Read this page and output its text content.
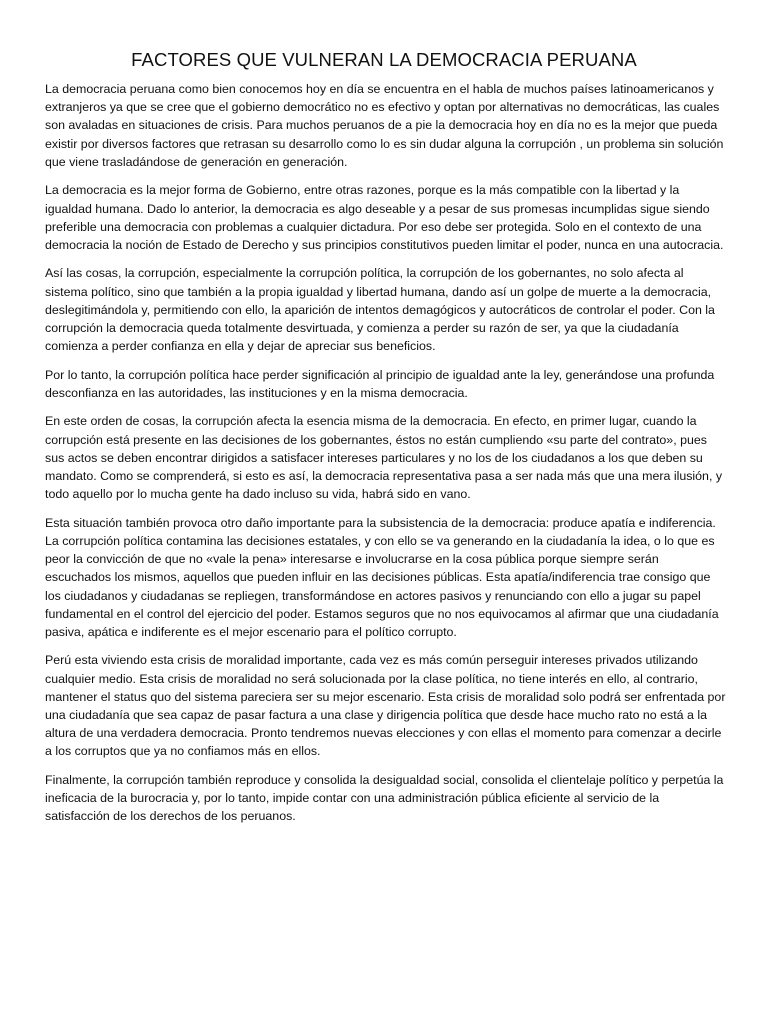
FACTORES QUE VULNERAN LA DEMOCRACIA PERUANA

La democracia peruana como bien conocemos hoy en día se encuentra en el habla de muchos países latinoamericanos y extranjeros ya que se cree que el gobierno democrático no es efectivo y optan por alternativas no democráticas, las cuales son avaladas en situaciones de crisis. Para muchos peruanos de a pie la democracia hoy en día no es la mejor que pueda existir por diversos factores que retrasan su desarrollo como lo es sin dudar alguna la corrupción , un problema sin solución que viene trasladándose de generación en generación.

La democracia es la mejor forma de Gobierno, entre otras razones, porque es la más compatible con la libertad y la igualdad humana. Dado lo anterior, la democracia es algo deseable y a pesar de sus promesas incumplidas sigue siendo preferible una democracia con problemas a cualquier dictadura. Por eso debe ser protegida. Solo en el contexto de una democracia la noción de Estado de Derecho y sus principios constitutivos pueden limitar el poder, nunca en una autocracia.

Así las cosas, la corrupción, especialmente la corrupción política, la corrupción de los gobernantes, no solo afecta al sistema político, sino que también a la propia igualdad y libertad humana, dando así un golpe de muerte a la democracia, deslegitimándola y, permitiendo con ello, la aparición de intentos demagógicos y autocráticos de controlar el poder. Con la corrupción la democracia queda totalmente desvirtuada, y comienza a perder su razón de ser, ya que la ciudadanía comienza a perder confianza en ella y dejar de apreciar sus beneficios.

Por lo tanto, la corrupción política hace perder significación al principio de igualdad ante la ley, generándose una profunda desconfianza en las autoridades, las instituciones y en la misma democracia.

En este orden de cosas, la corrupción afecta la esencia misma de la democracia. En efecto, en primer lugar, cuando la corrupción está presente en las decisiones de los gobernantes, éstos no están cumpliendo «su parte del contrato», pues sus actos se deben encontrar dirigidos a satisfacer intereses particulares y no los de los ciudadanos a los que deben su mandato. Como se comprenderá, si esto es así, la democracia representativa pasa a ser nada más que una mera ilusión, y todo aquello por lo mucha gente ha dado incluso su vida, habrá sido en vano.

Esta situación también provoca otro daño importante para la subsistencia de la democracia: produce apatía e indiferencia. La corrupción política contamina las decisiones estatales, y con ello se va generando en la ciudadanía la idea, o lo que es peor la convicción de que no «vale la pena» interesarse e involucrarse en la cosa pública porque siempre serán escuchados los mismos, aquellos que pueden influir en las decisiones públicas. Esta apatía/indiferencia trae consigo que los ciudadanos y ciudadanas se repliegen, transformándose en actores pasivos y renunciando con ello a jugar su papel fundamental en el control del ejercicio del poder. Estamos seguros que no nos equivocamos al afirmar que una ciudadanía pasiva, apática e indiferente es el mejor escenario para el político corrupto.

Perú esta viviendo esta crisis de moralidad importante, cada vez es más común perseguir intereses privados utilizando cualquier medio. Esta crisis de moralidad no será solucionada por la clase política, no tiene interés en ello, al contrario, mantener el status quo del sistema pareciera ser su mejor escenario. Esta crisis de moralidad solo podrá ser enfrentada por una ciudadanía que sea capaz de pasar factura a una clase y dirigencia política que desde hace mucho rato no está a la altura de una verdadera democracia. Pronto tendremos nuevas elecciones y con ellas el momento para comenzar a decirle a los corruptos que ya no confiamos más en ellos.

Finalmente, la corrupción también reproduce y consolida la desigualdad social, consolida el clientelaje político y perpetúa la ineficacia de la burocracia y, por lo tanto, impide contar con una administración pública eficiente al servicio de la satisfacción de los derechos de los peruanos.
